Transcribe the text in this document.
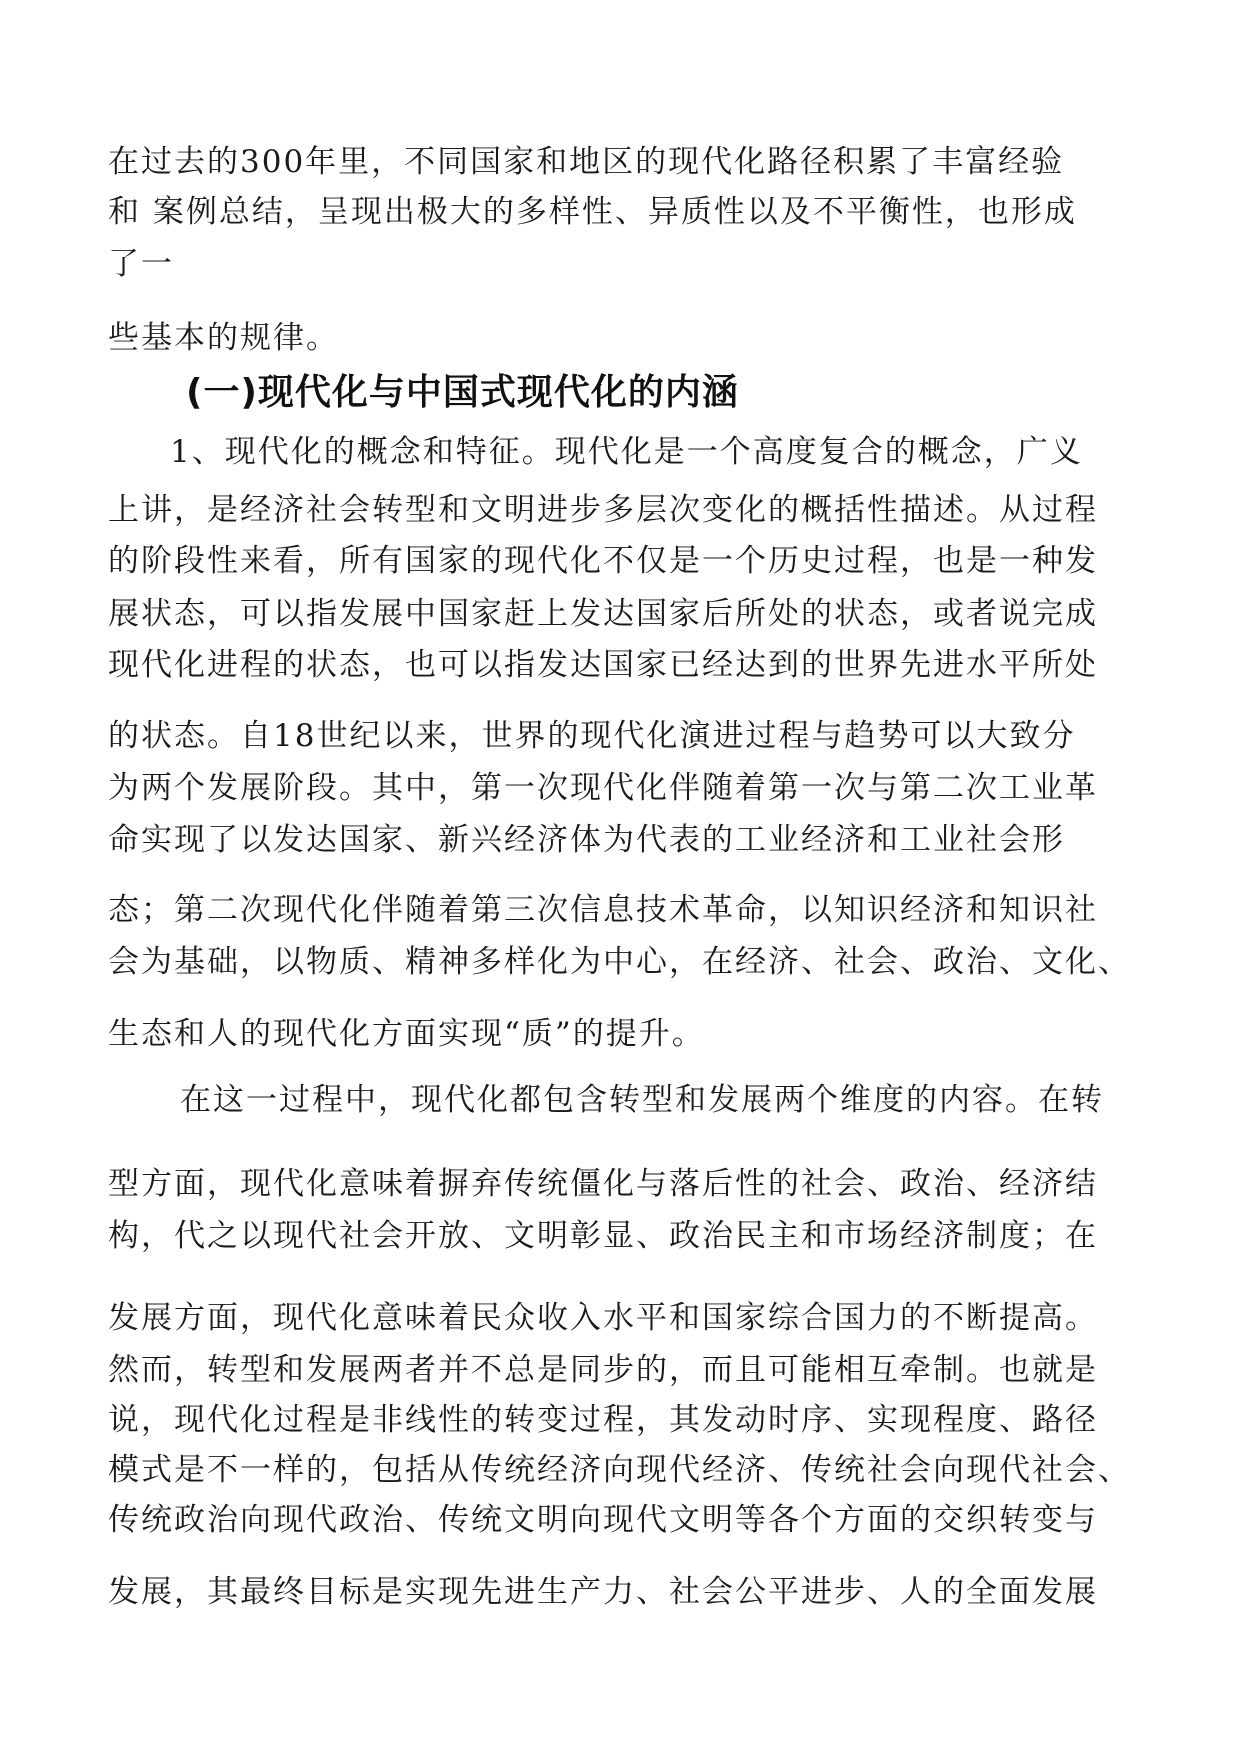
在过去的300年里，不同国家和地区的现代化路径积累了丰富经验
和 案例总结，呈现出极大的多样性、异质性以及不平衡性，也形成
了一
些基本的规律。
(一)现代化与中国式现代化的内涵
1、现代化的概念和特征。现代化是一个高度复合的概念，广义
上讲，是经济社会转型和文明进步多层次变化的概括性描述。从过程
的阶段性来看，所有国家的现代化不仅是一个历史过程，也是一种发
展状态，可以指发展中国家赶上发达国家后所处的状态，或者说完成
现代化进程的状态，也可以指发达国家已经达到的世界先进水平所处
的状态。自18世纪以来，世界的现代化演进过程与趋势可以大致分
为两个发展阶段。其中，第一次现代化伴随着第一次与第二次工业革
命实现了以发达国家、新兴经济体为代表的工业经济和工业社会形
态；第二次现代化伴随着第三次信息技术革命，以知识经济和知识社
会为基础，以物质、精神多样化为中心，在经济、社会、政治、文化、
生态和人的现代化方面实现“质”的提升。
在这一过程中，现代化都包含转型和发展两个维度的内容。在转
型方面，现代化意味着摒弃传统僵化与落后性的社会、政治、经济结
构，代之以现代社会开放、文明彰显、政治民主和市场经济制度；在
发展方面，现代化意味着民众收入水平和国家综合国力的不断提高。
然而，转型和发展两者并不总是同步的，而且可能相互牵制。也就是
说，现代化过程是非线性的转变过程，其发动时序、实现程度、路径
模式是不一样的，包括从传统经济向现代经济、传统社会向现代社会、
传统政治向现代政治、传统文明向现代文明等各个方面的交织转变与
发展，其最终目标是实现先进生产力、社会公平进步、人的全面发展
